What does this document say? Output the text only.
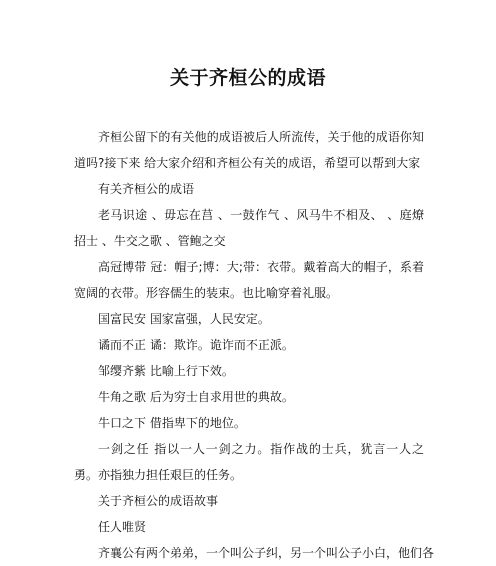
关于齐桓公的成语

齐桓公留下的有关他的成语被后人所流传，关于他的成语你知道吗?接下来 给大家介绍和齐桓公有关的成语，希望可以帮到大家

有关齐桓公的成语

老马识途 、毋忘在莒 、一鼓作气 、风马牛不相及、 、庭燎招士 、牛交之歌 、管鲍之交

高冠博带 冠：帽子;博：大;带：衣带。戴着高大的帽子，系着宽阔的衣带。形容儒生的装束。也比喻穿着礼服。

国富民安 国家富强，人民安定。

谲而不正 谲：欺诈。诡诈而不正派。

邹缨齐紫 比喻上行下效。

牛角之歌 后为穷士自求用世的典故。

牛口之下 借指卑下的地位。

一剑之任 指以一人一剑之力。指作战的士兵，犹言一人之勇。亦指独力担任艰巨的任务。

关于齐桓公的成语故事

任人唯贤

齐襄公有两个弟弟，一个叫公子纠，另一个叫公子小白，他们各
